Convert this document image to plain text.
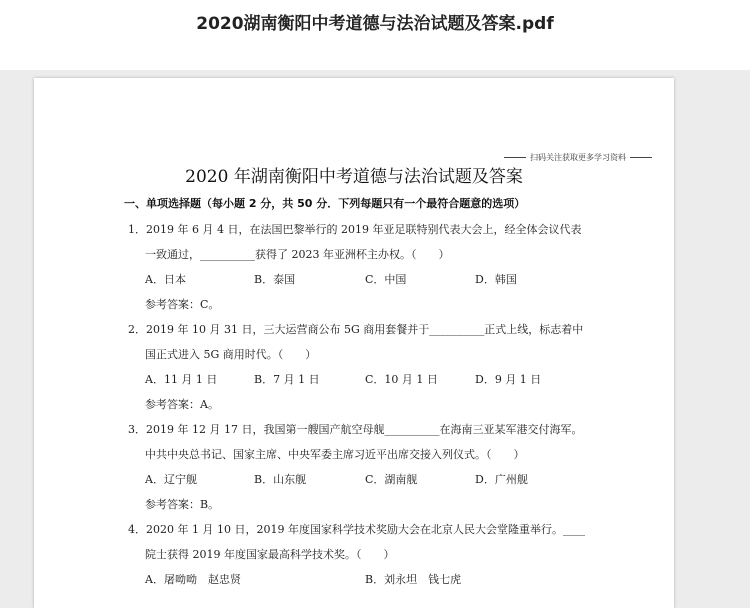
2020湖南衡阳中考道德与法治试题及答案.pdf
扫码关注获取更多学习资料
2020 年湖南衡阳中考道德与法治试题及答案
一、单项选择题（每小题 2 分，共 50 分．下列每题只有一个最符合题意的选项）
1．2019 年 6 月 4 日，在法国巴黎举行的 2019 年亚足联特别代表大会上，经全体会议代表
一致通过，__________获得了 2023 年亚洲杯主办权。（　　）
A．日本	B．泰国	C．中国	D．韩国
参考答案：C。
2．2019 年 10 月 31 日，三大运营商公布 5G 商用套餐并于__________正式上线，标志着中
国正式进入 5G 商用时代。（　　）
A．11 月 1 日	B．7 月 1 日	C．10 月 1 日	D．9 月 1 日
参考答案：A。
3．2019 年 12 月 17 日，我国第一艘国产航空母舰__________在海南三亚某军港交付海军。
中共中央总书记、国家主席、中央军委主席习近平出席交接入列仪式。（　　）
A．辽宁舰	B．山东舰	C．湖南舰	D．广州舰
参考答案：B。
4．2020 年 1 月 10 日，2019 年度国家科学技术奖励大会在北京人民大会堂隆重举行。____
院士获得 2019 年度国家最高科学技术奖。（　　）
A．屠呦呦　赵忠贤	B．刘永坦　钱七虎
